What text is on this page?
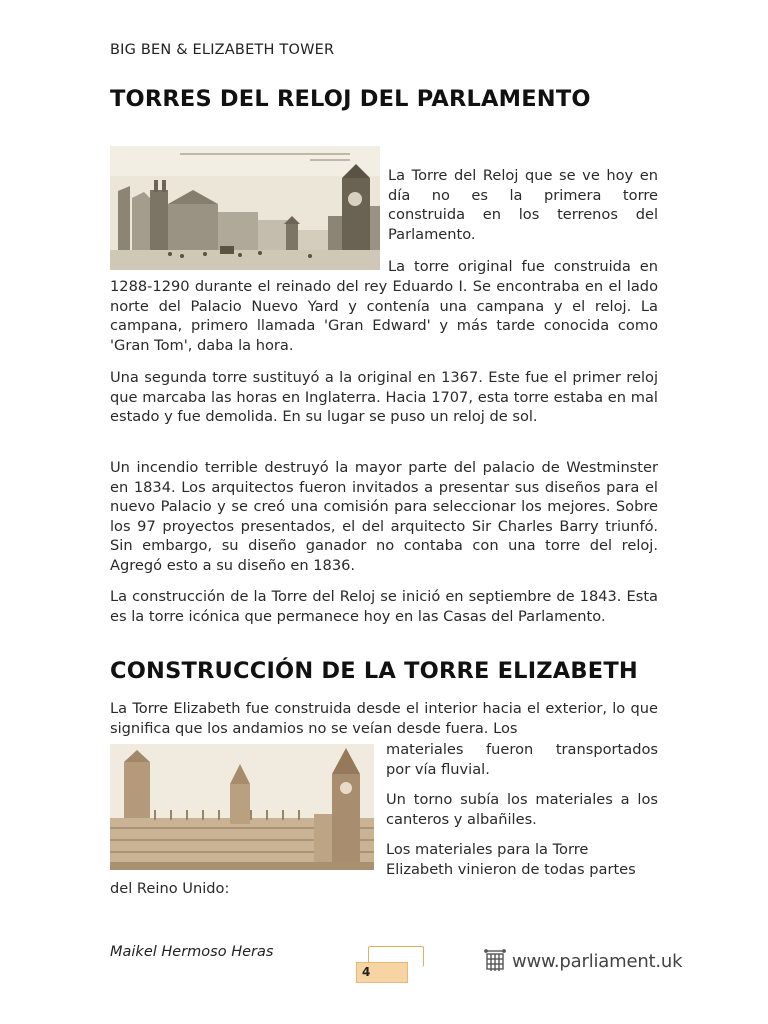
BIG BEN & ELIZABETH TOWER
TORRES DEL RELOJ DEL PARLAMENTO
La Torre del Reloj que se ve hoy en
día no es la primera torre
construida en los terrenos del
Parlamento.
La torre original fue construida en

1288-1290 durante el reinado del rey Eduardo I. Se encontraba en el lado norte del Palacio Nuevo Yard y contenía una campana y el reloj. La campana, primero llamada 'Gran Edward' y más tarde conocida como 'Gran Tom', daba la hora.

Una segunda torre sustituyó a la original en 1367. Este fue el primer reloj que marcaba las horas en Inglaterra. Hacia 1707, esta torre estaba en mal estado y fue demolida. En su lugar se puso un reloj de sol.

Un incendio terrible destruyó la mayor parte del palacio de Westminster en 1834. Los arquitectos fueron invitados a presentar sus diseños para el nuevo Palacio y se creó una comisión para seleccionar los mejores. Sobre los 97 proyectos presentados, el del arquitecto Sir Charles Barry triunfó. Sin embargo, su diseño ganador no contaba con una torre del reloj. Agregó esto a su diseño en 1836.

La construcción de la Torre del Reloj se inició en septiembre de 1843. Esta es la torre icónica que permanece hoy en las Casas del Parlamento.

CONSTRUCCIÓN DE LA TORRE ELIZABETH

La Torre Elizabeth fue construida desde el interior hacia el exterior, lo que significa que los andamios no se veían desde fuera. Los

materiales fueron transportados
por vía fluvial.
Un torno subía los materiales a los
canteros y albañiles.
Los materiales para la Torre
Elizabeth vinieron de todas partes
del Reino Unido:
Maikel Hermoso Heras
4
www.parliament.uk
